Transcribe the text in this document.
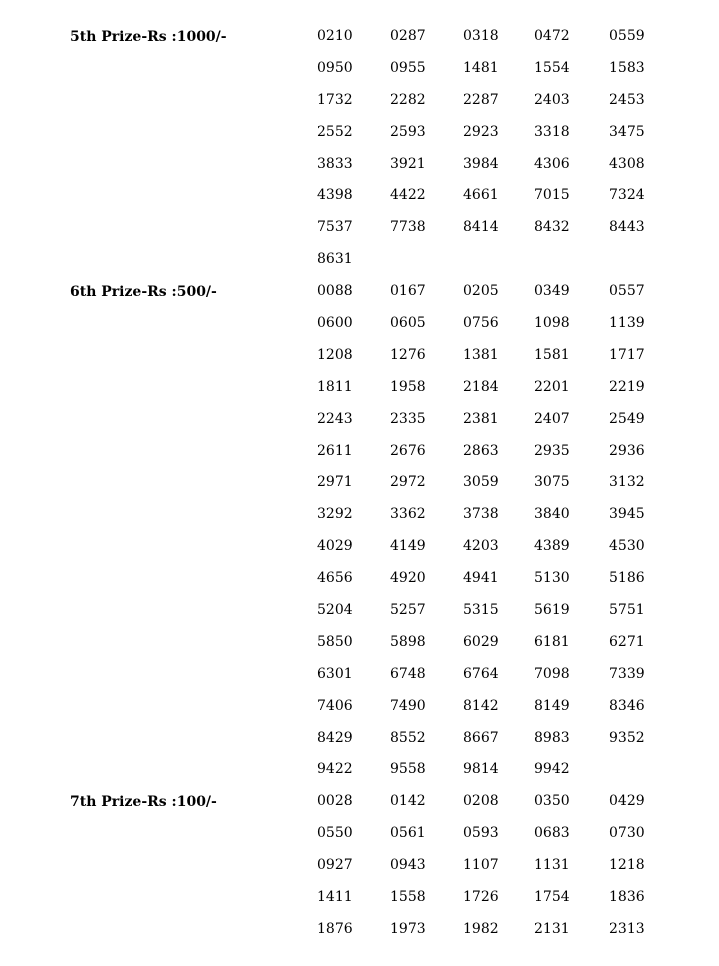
5th Prize-Rs :1000/-	0210	0287	0318	0472	0559
0950	0955	1481	1554	1583
1732	2282	2287	2403	2453
2552	2593	2923	3318	3475
3833	3921	3984	4306	4308
4398	4422	4661	7015	7324
7537	7738	8414	8432	8443
8631
6th Prize-Rs :500/-	0088	0167	0205	0349	0557
0600	0605	0756	1098	1139
1208	1276	1381	1581	1717
1811	1958	2184	2201	2219
2243	2335	2381	2407	2549
2611	2676	2863	2935	2936
2971	2972	3059	3075	3132
3292	3362	3738	3840	3945
4029	4149	4203	4389	4530
4656	4920	4941	5130	5186
5204	5257	5315	5619	5751
5850	5898	6029	6181	6271
6301	6748	6764	7098	7339
7406	7490	8142	8149	8346
8429	8552	8667	8983	9352
9422	9558	9814	9942
7th Prize-Rs :100/-	0028	0142	0208	0350	0429
0550	0561	0593	0683	0730
0927	0943	1107	1131	1218
1411	1558	1726	1754	1836
1876	1973	1982	2131	2313
